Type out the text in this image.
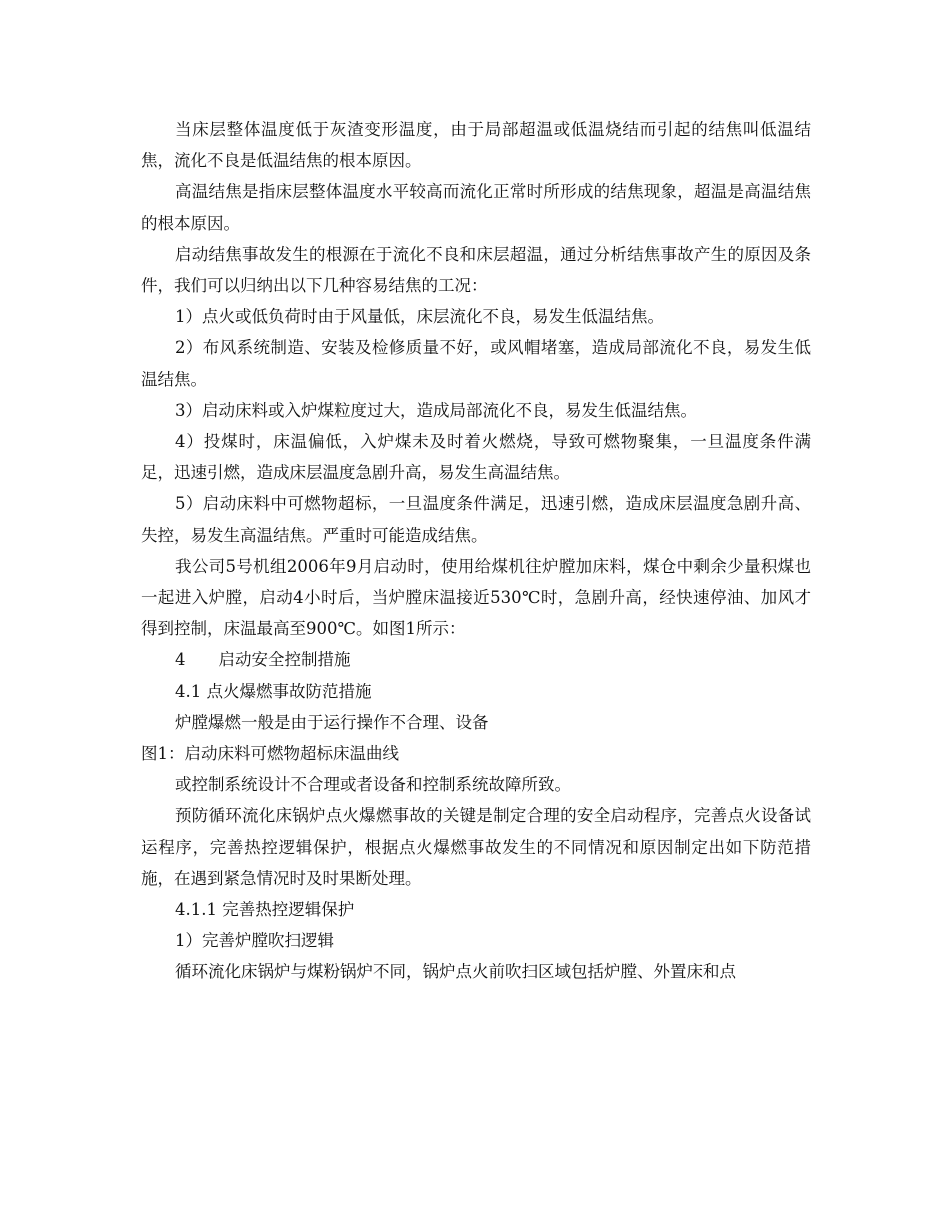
当床层整体温度低于灰渣变形温度，由于局部超温或低温烧结而引起的结焦叫低温结焦，流化不良是低温结焦的根本原因。

高温结焦是指床层整体温度水平较高而流化正常时所形成的结焦现象，超温是高温结焦的根本原因。

启动结焦事故发生的根源在于流化不良和床层超温，通过分析结焦事故产生的原因及条件，我们可以归纳出以下几种容易结焦的工况：

1）点火或低负荷时由于风量低，床层流化不良，易发生低温结焦。

2）布风系统制造、安装及检修质量不好，或风帽堵塞，造成局部流化不良，易发生低温结焦。

3）启动床料或入炉煤粒度过大，造成局部流化不良，易发生低温结焦。

4）投煤时，床温偏低，入炉煤未及时着火燃烧，导致可燃物聚集，一旦温度条件满足，迅速引燃，造成床层温度急剧升高，易发生高温结焦。

5）启动床料中可燃物超标，一旦温度条件满足，迅速引燃，造成床层温度急剧升高、失控，易发生高温结焦。严重时可能造成结焦。

我公司5号机组2006年9月启动时，使用给煤机往炉膛加床料，煤仓中剩余少量积煤也一起进入炉膛，启动4小时后，当炉膛床温接近530℃时，急剧升高，经快速停油、加风才得到控制，床温最高至900℃。如图1所示：

4　　启动安全控制措施

4.1 点火爆燃事故防范措施

炉膛爆燃一般是由于运行操作不合理、设备

图1：启动床料可燃物超标床温曲线

或控制系统设计不合理或者设备和控制系统故障所致。

预防循环流化床锅炉点火爆燃事故的关键是制定合理的安全启动程序，完善点火设备试运程序，完善热控逻辑保护，根据点火爆燃事故发生的不同情况和原因制定出如下防范措施，在遇到紧急情况时及时果断处理。

4.1.1 完善热控逻辑保护

1）完善炉膛吹扫逻辑

循环流化床锅炉与煤粉锅炉不同，锅炉点火前吹扫区域包括炉膛、外置床和点
